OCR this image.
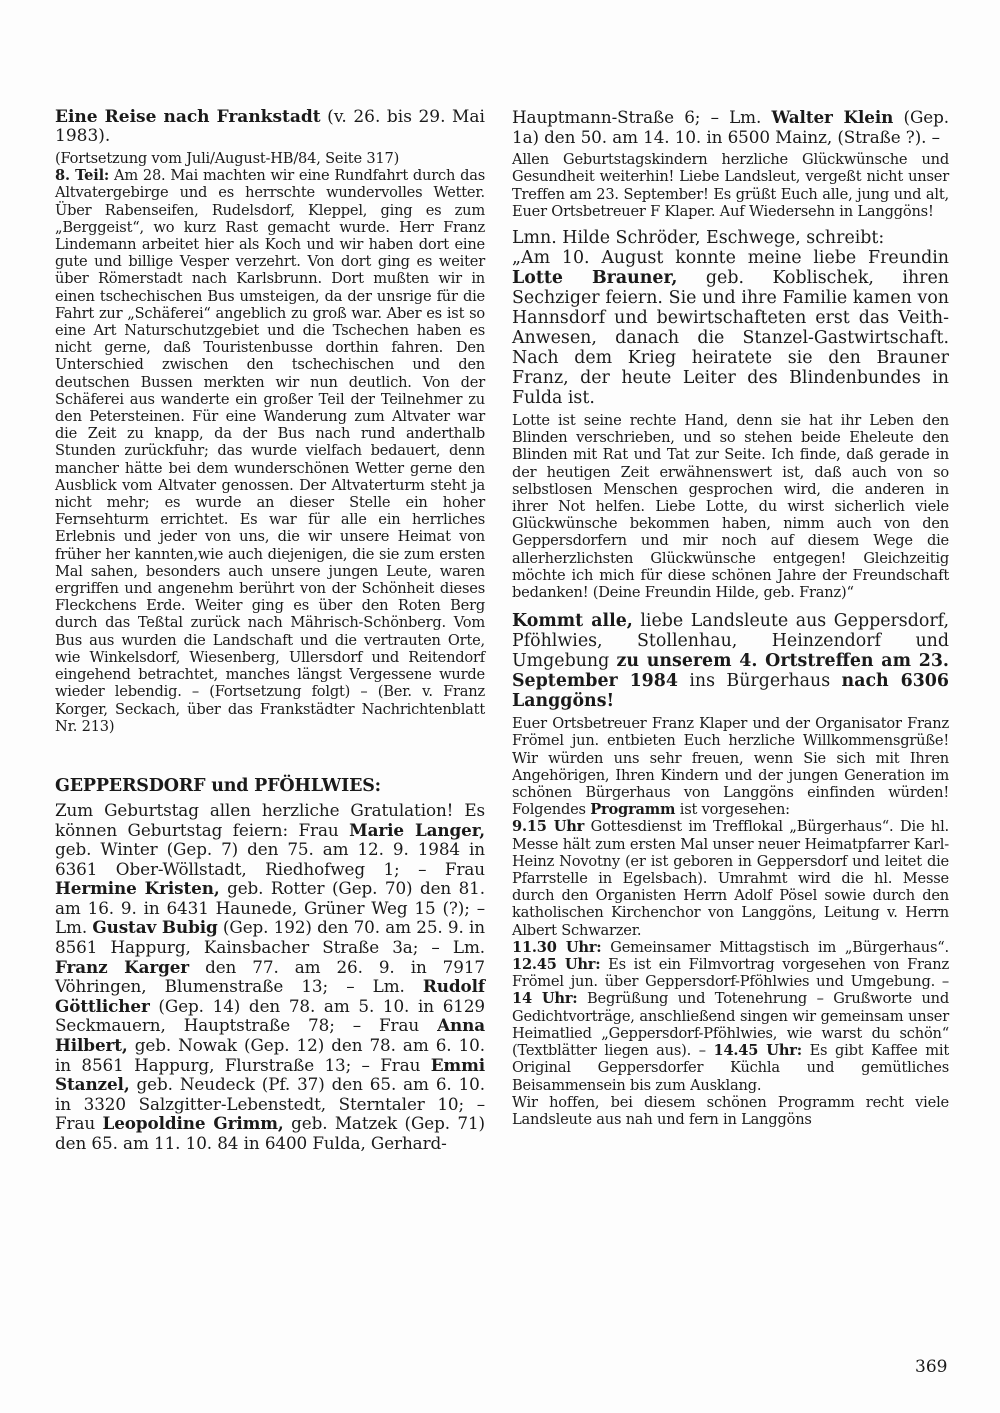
Eine Reise nach Frankstadt (v. 26. bis 29. Mai 1983).

(Fortsetzung vom Juli/August-HB/84, Seite 317)

8. Teil: Am 28. Mai machten wir eine Rundfahrt durch das Altvatergebirge und es herrschte wundervolles Wetter. Über Rabenseifen, Rudelsdorf, Kleppel, ging es zum „Berggeist“, wo kurz Rast gemacht wurde. Herr Franz Lindemann arbeitet hier als Koch und wir haben dort eine gute und billige Vesper verzehrt. Von dort ging es weiter über Römerstadt nach Karlsbrunn. Dort mußten wir in einen tschechischen Bus umsteigen, da der unsrige für die Fahrt zur „Schäferei“ angeblich zu groß war. Aber es ist so eine Art Naturschutzgebiet und die Tschechen haben es nicht gerne, daß Touristenbusse dorthin fahren. Den Unterschied zwischen den tschechischen und den deutschen Bussen merkten wir nun deutlich. Von der Schäferei aus wanderte ein großer Teil der Teilnehmer zu den Petersteinen. Für eine Wanderung zum Altvater war die Zeit zu knapp, da der Bus nach rund anderthalb Stunden zurückfuhr; das wurde vielfach bedauert, denn mancher hätte bei dem wunderschönen Wetter gerne den Ausblick vom Altvater genossen. Der Altvaterturm steht ja nicht mehr; es wurde an dieser Stelle ein hoher Fernsehturm errichtet. Es war für alle ein herrliches Erlebnis und jeder von uns, die wir unsere Heimat von früher her kannten,wie auch diejenigen, die sie zum ersten Mal sahen, besonders auch unsere jungen Leute, waren ergriffen und angenehm berührt von der Schönheit dieses Fleckchens Erde. Weiter ging es über den Roten Berg durch das Teßtal zurück nach Mährisch-Schönberg. Vom Bus aus wurden die Landschaft und die vertrauten Orte, wie Winkelsdorf, Wiesenberg, Ullersdorf und Reitendorf eingehend betrachtet, manches längst Vergessene wurde wieder lebendig. – (Fortsetzung folgt) – (Ber. v. Franz Korger, Seckach, über das Frankstädter Nachrichtenblatt Nr. 213)

GEPPERSDORF und PFÖHLWIES:

Zum Geburtstag allen herzliche Gratulation! Es können Geburtstag feiern: Frau Marie Langer, geb. Winter (Gep. 7) den 75. am 12. 9. 1984 in 6361 Ober-Wöllstadt, Riedhofweg 1; – Frau Hermine Kristen, geb. Rotter (Gep. 70) den 81. am 16. 9. in 6431 Haunede, Grüner Weg 15 (?); – Lm. Gustav Bubig (Gep. 192) den 70. am 25. 9. in 8561 Happurg, Kainsbacher Straße 3a; – Lm. Franz Karger den 77. am 26. 9. in 7917 Vöhringen, Blumenstraße 13; – Lm. Rudolf Göttlicher (Gep. 14) den 78. am 5. 10. in 6129 Seckmauern, Hauptstraße 78; – Frau Anna Hilbert, geb. Nowak (Gep. 12) den 78. am 6. 10. in 8561 Happurg, Flurstraße 13; – Frau Emmi Stanzel, geb. Neudeck (Pf. 37) den 65. am 6. 10. in 3320 Salzgitter-Lebenstedt, Sterntaler 10; – Frau Leopoldine Grimm, geb. Matzek (Gep. 71) den 65. am 11. 10. 84 in 6400 Fulda, Gerhard-

Hauptmann-Straße 6; – Lm. Walter Klein (Gep. 1a) den 50. am 14. 10. in 6500 Mainz, (Straße ?). –

Allen Geburtstagskindern herzliche Glückwünsche und Gesundheit weiterhin! Liebe Landsleut, vergeßt nicht unser Treffen am 23. September! Es grüßt Euch alle, jung und alt, Euer Ortsbetreuer F Klaper. Auf Wiedersehn in Langgöns!

Lmn. Hilde Schröder, Eschwege, schreibt:

„Am 10. August konnte meine liebe Freundin Lotte Brauner, geb. Koblischek, ihren Sechziger feiern. Sie und ihre Familie kamen von Hannsdorf und bewirtschafteten erst das Veith-Anwesen, danach die Stanzel-Gastwirtschaft. Nach dem Krieg heiratete sie den Brauner Franz, der heute Leiter des Blindenbundes in Fulda ist.

Lotte ist seine rechte Hand, denn sie hat ihr Leben den Blinden verschrieben, und so stehen beide Eheleute den Blinden mit Rat und Tat zur Seite. Ich finde, daß gerade in der heutigen Zeit erwähnenswert ist, daß auch von so selbstlosen Menschen gesprochen wird, die anderen in ihrer Not helfen. Liebe Lotte, du wirst sicherlich viele Glückwünsche bekommen haben, nimm auch von den Geppersdorfern und mir noch auf diesem Wege die allerherzlichsten Glückwünsche entgegen! Gleichzeitig möchte ich mich für diese schönen Jahre der Freundschaft bedanken! (Deine Freundin Hilde, geb. Franz)“

Kommt alle, liebe Landsleute aus Geppersdorf, Pföhlwies, Stollenhau, Heinzendorf und Umgebung zu unserem 4. Ortstreffen am 23. September 1984 ins Bürgerhaus nach 6306 Langgöns!

Euer Ortsbetreuer Franz Klaper und der Organisator Franz Frömel jun. entbieten Euch herzliche Willkommensgrüße! Wir würden uns sehr freuen, wenn Sie sich mit Ihren Angehörigen, Ihren Kindern und der jungen Generation im schönen Bürgerhaus von Langgöns einfinden würden! Folgendes Programm ist vorgesehen:

9.15 Uhr Gottesdienst im Trefflokal „Bürgerhaus“. Die hl. Messe hält zum ersten Mal unser neuer Heimatpfarrer Karl-Heinz Novotny (er ist geboren in Geppersdorf und leitet die Pfarrstelle in Egelsbach). Umrahmt wird die hl. Messe durch den Organisten Herrn Adolf Pösel sowie durch den katholischen Kirchenchor von Langgöns, Leitung v. Herrn Albert Schwarzer.

11.30 Uhr: Gemeinsamer Mittagstisch im „Bürgerhaus“. 12.45 Uhr: Es ist ein Filmvortrag vorgesehen von Franz Frömel jun. über Geppersdorf-Pföhlwies und Umgebung. – 14 Uhr: Begrüßung und Totenehrung – Grußworte und Gedichtvorträge, anschließend singen wir gemeinsam unser Heimatlied „Geppersdorf-Pföhlwies, wie warst du schön“ (Textblätter liegen aus). – 14.45 Uhr: Es gibt Kaffee mit Original Geppersdorfer Küchla und gemütliches Beisammensein bis zum Ausklang.

Wir hoffen, bei diesem schönen Programm recht viele Landsleute aus nah und fern in Langgöns

369
